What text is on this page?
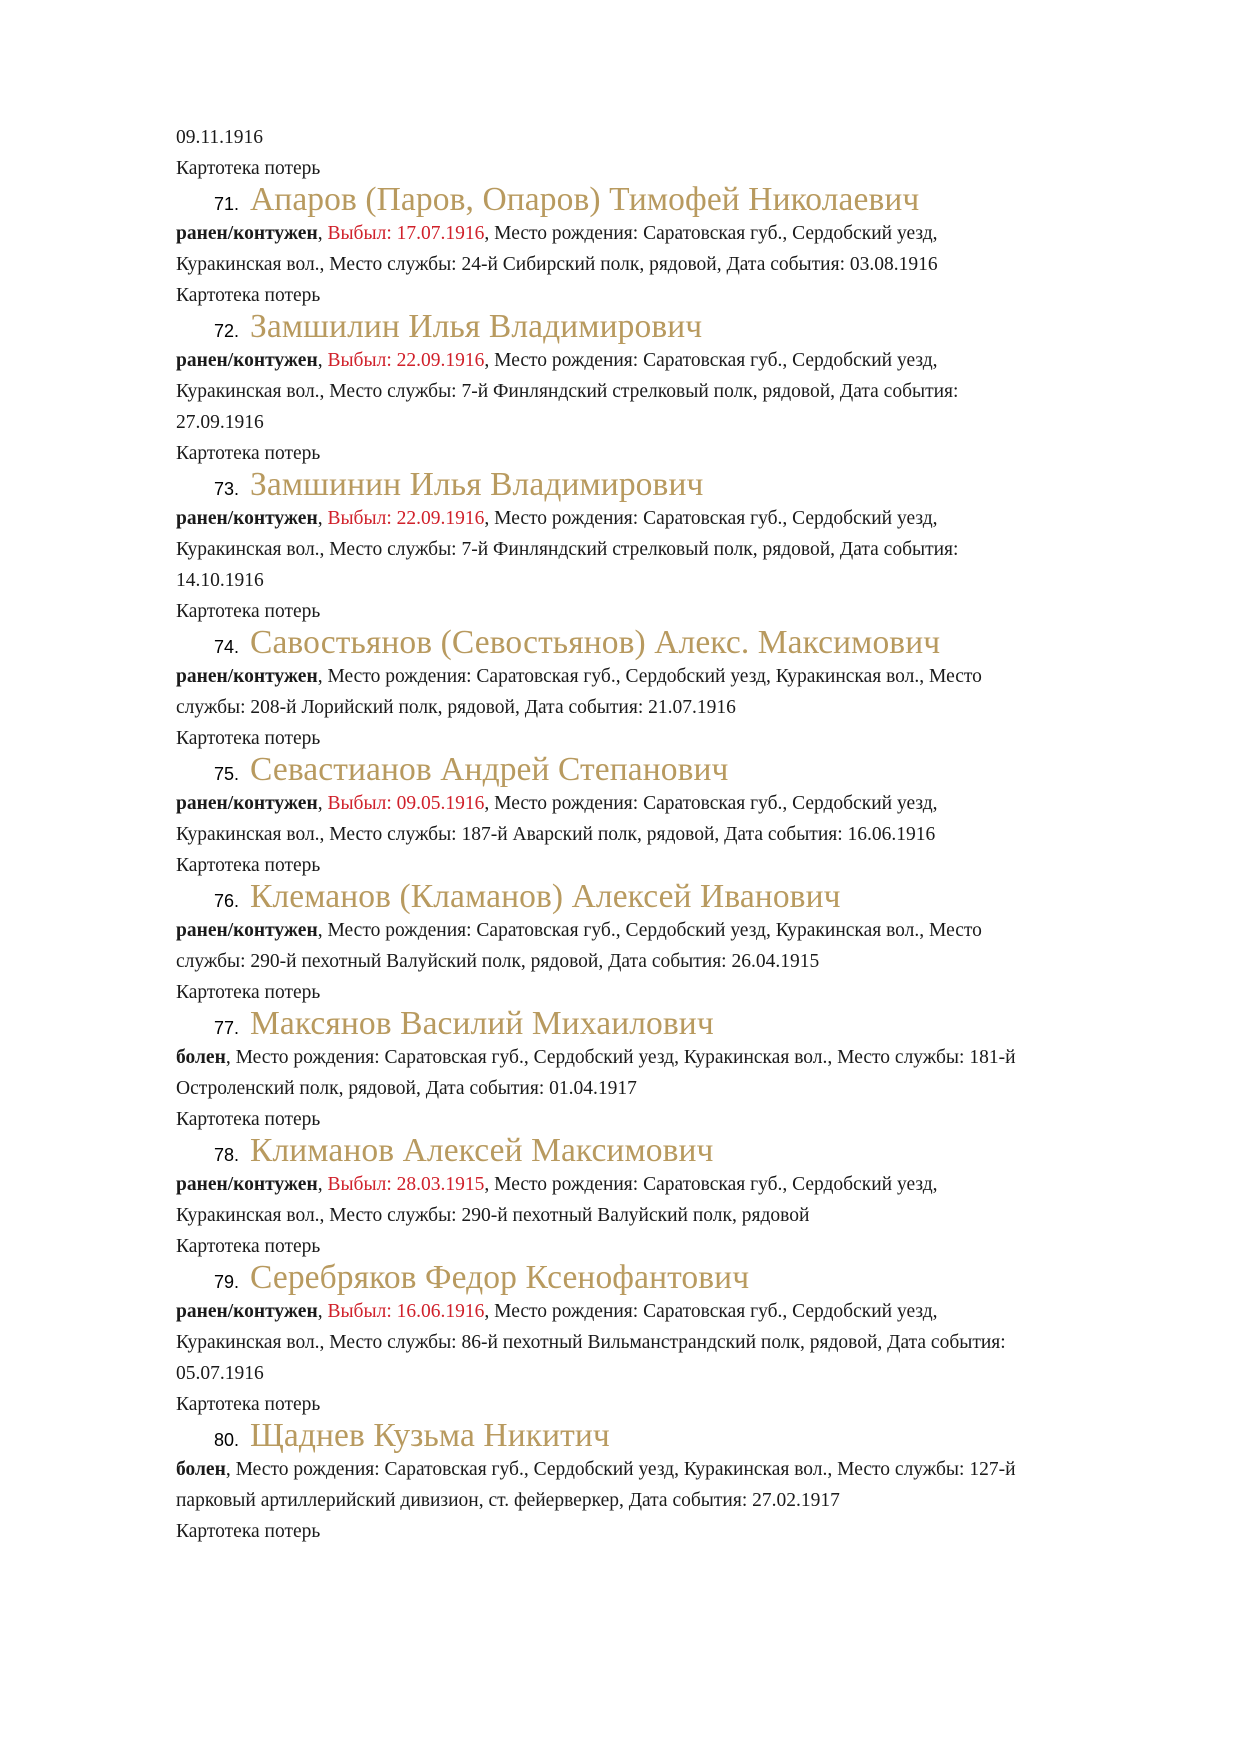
09.11.1916
Картотека потерь
71. Апаров (Паров, Опаров) Тимофей Николаевич
ранен/контужен, Выбыл: 17.07.1916, Место рождения: Саратовская губ., Сердобский уезд,
Куракинская вол., Место службы: 24-й Сибирский полк, рядовой, Дата события: 03.08.1916
Картотека потерь
72. Замшилин Илья Владимирович
ранен/контужен, Выбыл: 22.09.1916, Место рождения: Саратовская губ., Сердобский уезд,
Куракинская вол., Место службы: 7-й Финляндский стрелковый полк, рядовой, Дата события:
27.09.1916
Картотека потерь
73. Замшинин Илья Владимирович
ранен/контужен, Выбыл: 22.09.1916, Место рождения: Саратовская губ., Сердобский уезд,
Куракинская вол., Место службы: 7-й Финляндский стрелковый полк, рядовой, Дата события:
14.10.1916
Картотека потерь
74. Савостьянов (Севостьянов) Алекс. Максимович
ранен/контужен, Место рождения: Саратовская губ., Сердобский уезд, Куракинская вол., Место
службы: 208-й Лорийский полк, рядовой, Дата события: 21.07.1916
Картотека потерь
75. Севастианов Андрей Степанович
ранен/контужен, Выбыл: 09.05.1916, Место рождения: Саратовская губ., Сердобский уезд,
Куракинская вол., Место службы: 187-й Аварский полк, рядовой, Дата события: 16.06.1916
Картотека потерь
76. Клеманов (Кламанов) Алексей Иванович
ранен/контужен, Место рождения: Саратовская губ., Сердобский уезд, Куракинская вол., Место
службы: 290-й пехотный Валуйский полк, рядовой, Дата события: 26.04.1915
Картотека потерь
77. Максянов Василий Михаилович
болен, Место рождения: Саратовская губ., Сердобский уезд, Куракинская вол., Место службы: 181-й
Остроленский полк, рядовой, Дата события: 01.04.1917
Картотека потерь
78. Климанов Алексей Максимович
ранен/контужен, Выбыл: 28.03.1915, Место рождения: Саратовская губ., Сердобский уезд,
Куракинская вол., Место службы: 290-й пехотный Валуйский полк, рядовой
Картотека потерь
79. Серебряков Федор Ксенофантович
ранен/контужен, Выбыл: 16.06.1916, Место рождения: Саратовская губ., Сердобский уезд,
Куракинская вол., Место службы: 86-й пехотный Вильманстрандский полк, рядовой, Дата события:
05.07.1916
Картотека потерь
80. Щаднев Кузьма Никитич
болен, Место рождения: Саратовская губ., Сердобский уезд, Куракинская вол., Место службы: 127-й
парковый артиллерийский дивизион, ст. фейерверкер, Дата события: 27.02.1917
Картотека потерь
